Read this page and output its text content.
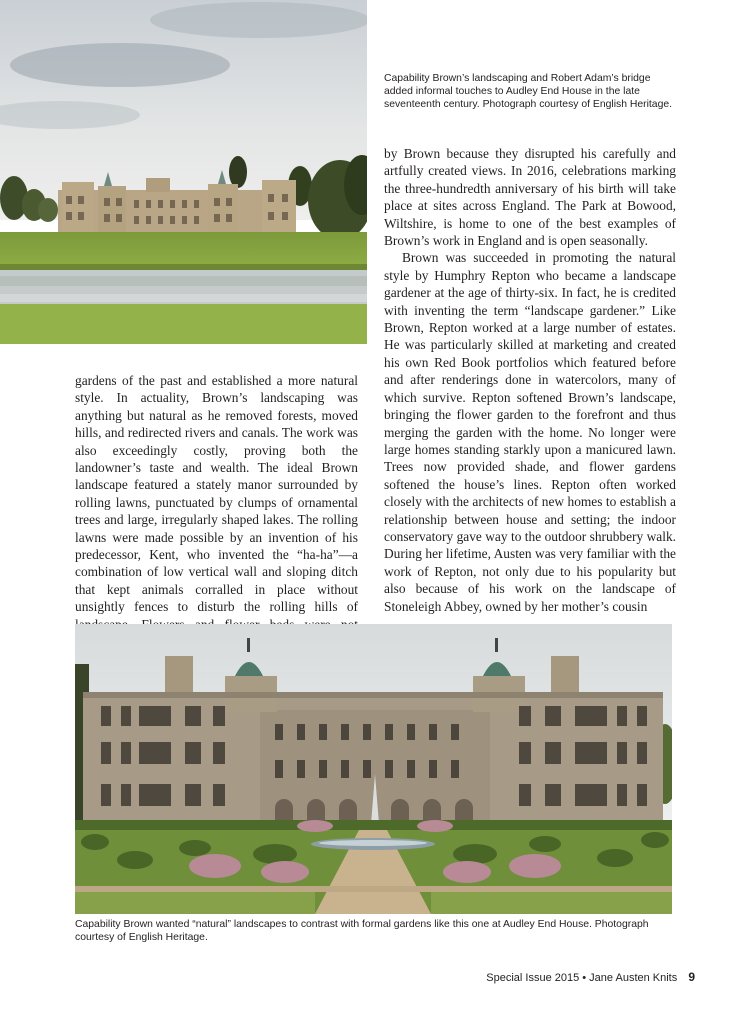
Capability Brown’s landscaping and Robert Adam’s bridge added informal touches to Audley End House in the late seventeenth century. Photograph courtesy of English Heritage.

by Brown because they disrupted his carefully and artfully created views. In 2016, celebrations marking the three-hundredth anniversary of his birth will take place at sites across England. The Park at Bowood, Wiltshire, is home to one of the best examples of Brown’s work in England and is open seasonally.

Brown was succeeded in promoting the natural style by Humphry Repton who became a landscape gardener at the age of thirty-six. In fact, he is credited with inventing the term “landscape gardener.” Like Brown, Repton worked at a large number of estates. He was particularly skilled at marketing and created his own Red Book portfolios which featured before and after renderings done in watercolors, many of which survive. Repton softened Brown’s landscape, bringing the flower garden to the forefront and thus merging the garden with the home. No longer were large homes standing starkly upon a manicured lawn. Trees now provided shade, and flower gardens softened the house’s lines. Repton often worked closely with the architects of new homes to establish a relationship between house and setting; the indoor conservatory gave way to the outdoor shrubbery walk. During her lifetime, Austen was very familiar with the work of Repton, not only due to his popularity but also because of his work on the landscape of Stoneleigh Abbey, owned by her mother’s cousin

gardens of the past and established a more natural style. In actuality, Brown’s landscaping was anything but natural as he removed forests, moved hills, and redirected rivers and canals. The work was also exceedingly costly, proving both the landowner’s taste and wealth. The ideal Brown landscape featured a stately manor surrounded by rolling lawns, punctuated by clumps of ornamental trees and large, irregularly shaped lakes. The rolling lawns were made possible by an invention of his predecessor, Kent, who invented the “ha-ha”—a combination of low vertical wall and sloping ditch that kept animals corralled in place without unsightly fences to disturb the rolling hills of

Capability Brown wanted “natural” landscapes to contrast with formal gardens like this one at Audley End House. Photograph courtesy of English Heritage.

Special Issue 2015 • Jane Austen Knits 9
